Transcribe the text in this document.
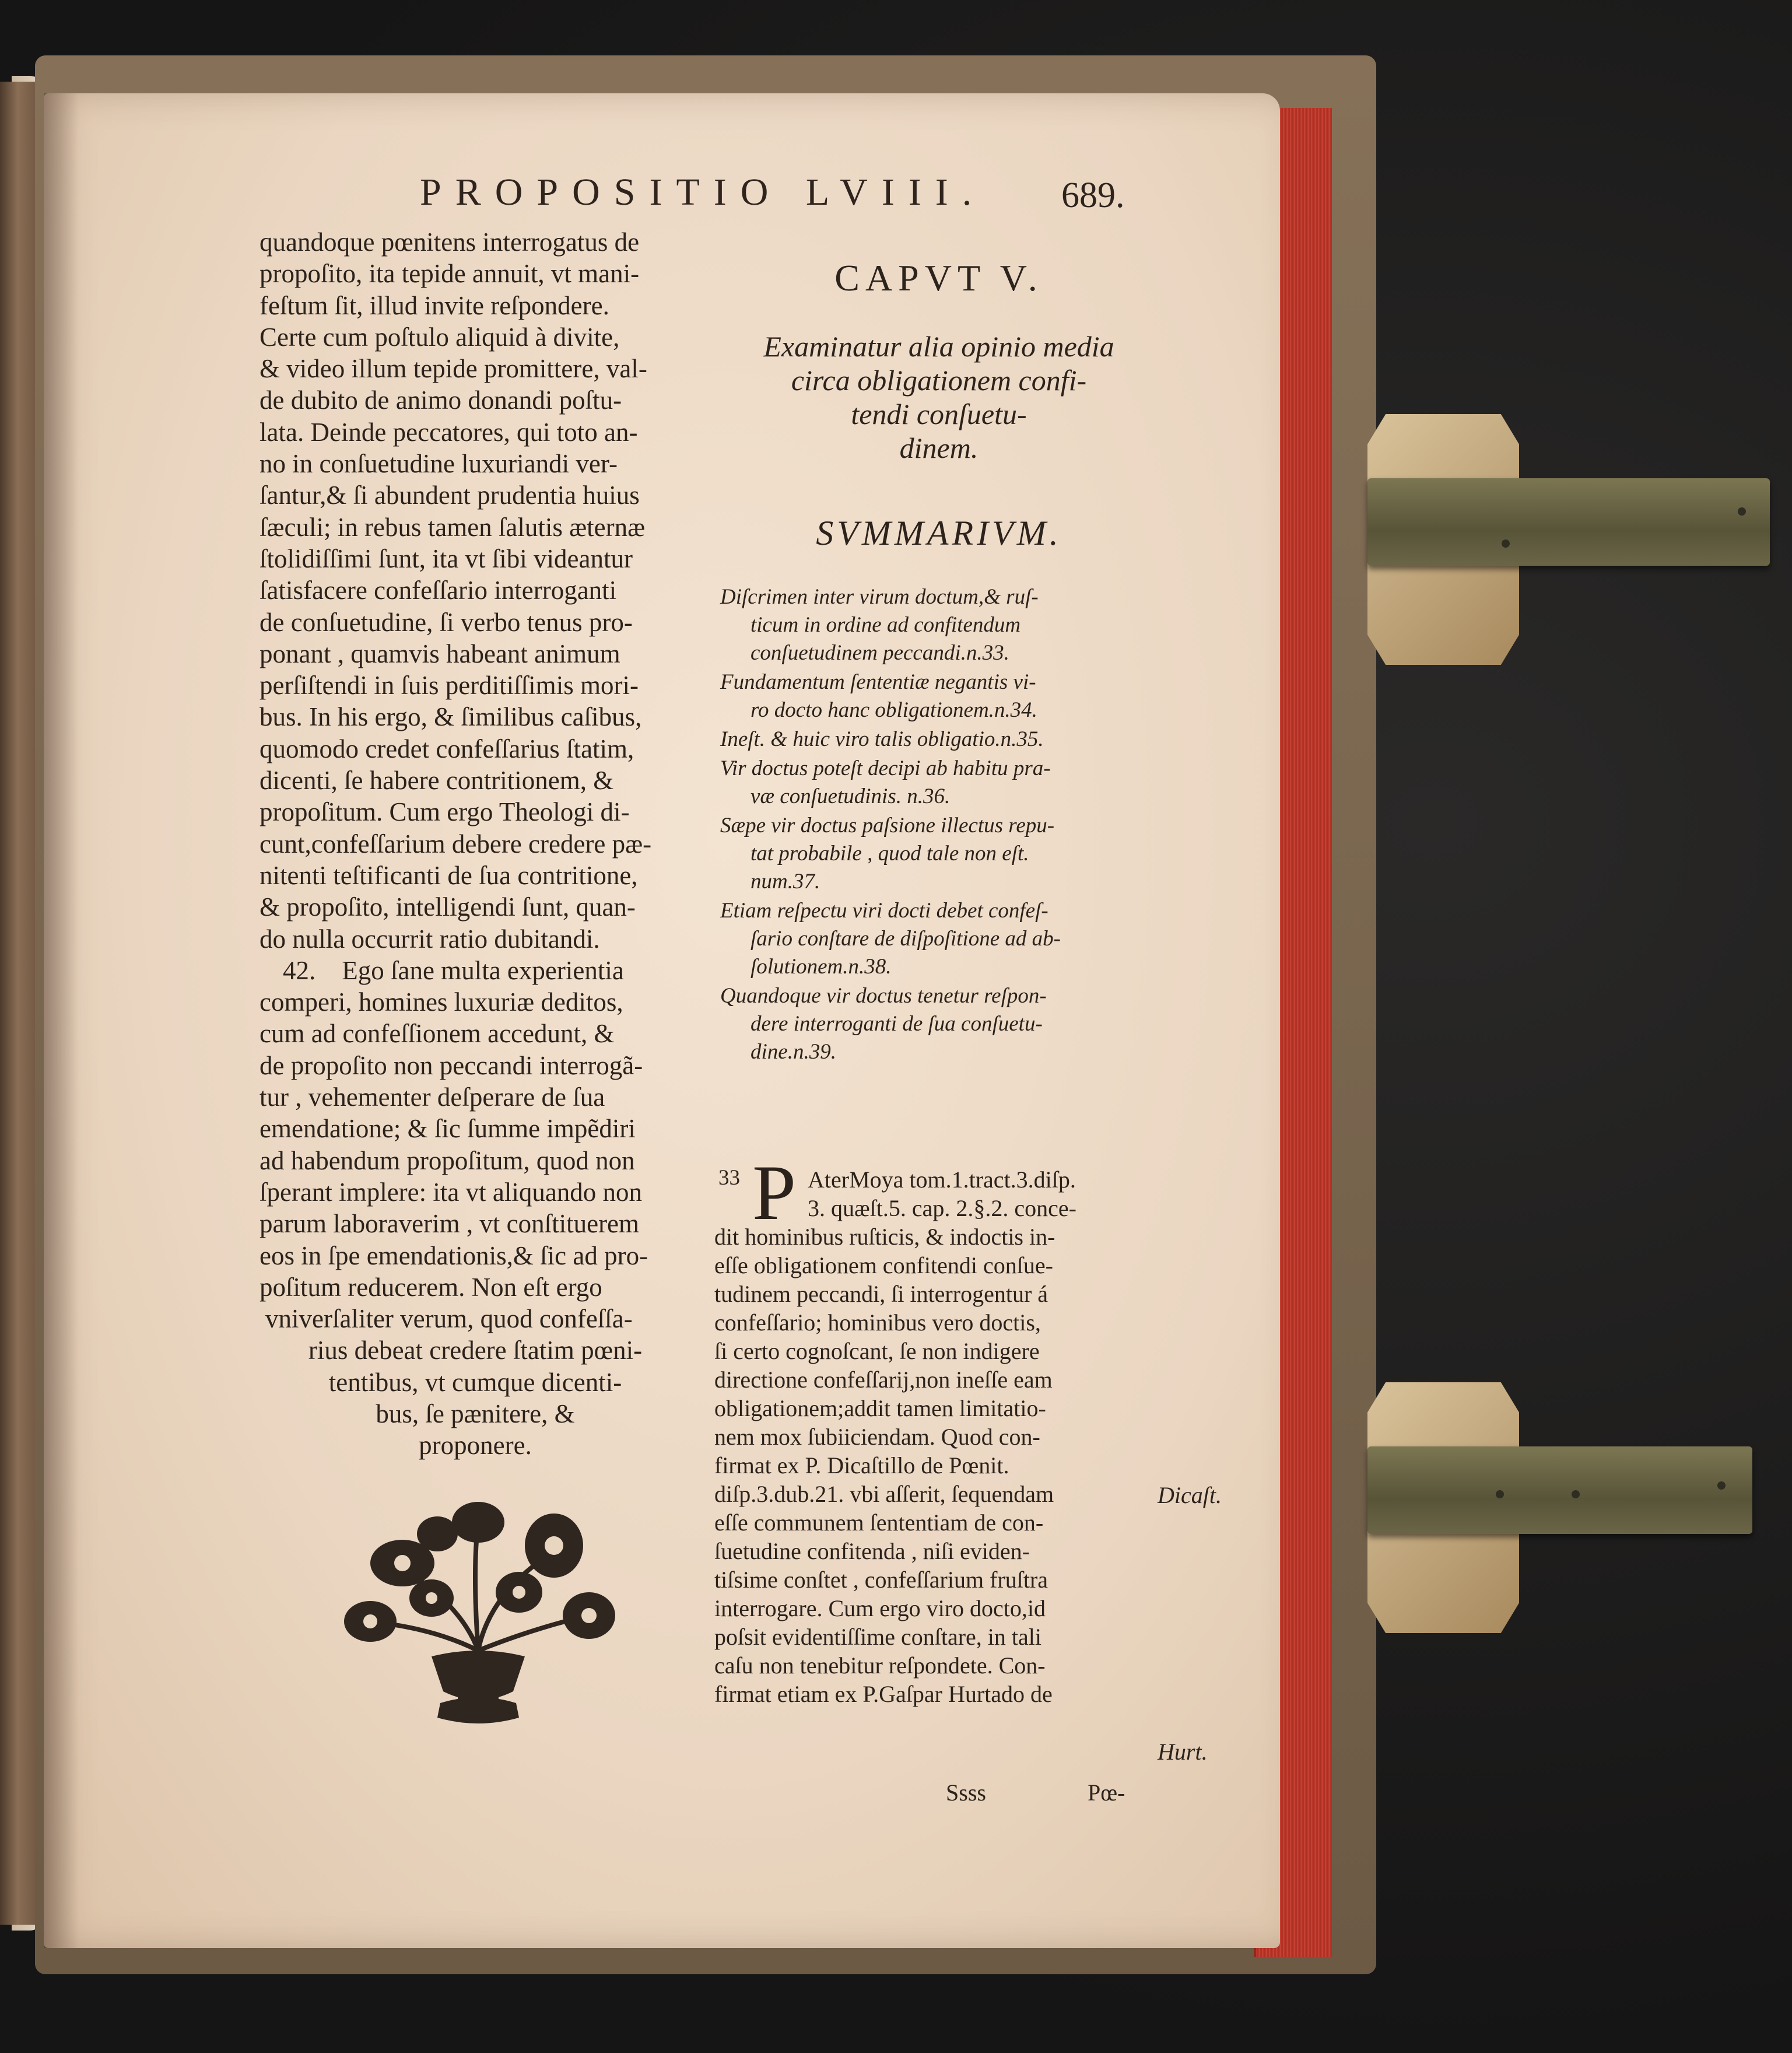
PROPOSITIO LVIII.	689.
quandoque pœnitens interrogatus de
propoſito, ita tepide annuit, vt mani-
feſtum ſit, illud invite reſpondere.
Certe cum poſtulo aliquid à divite,
& video illum tepide promittere, val-
de dubito de animo donandi poſtu-
lata. Deinde peccatores, qui toto an-
no in conſuetudine luxuriandi ver-
ſantur,& ſi abundent prudentia huius
ſæculi; in rebus tamen ſalutis æternæ
ſtolidiſſimi ſunt, ita vt ſibi videantur
ſatisfacere confeſſario interroganti
de conſuetudine, ſi verbo tenus pro-
ponant , quamvis habeant animum
perſiſtendi in ſuis perditiſſimis mori-
bus. In his ergo, & ſimilibus caſibus,
quomodo credet confeſſarius ſtatim,
dicenti, ſe habere contritionem, &
propoſitum. Cum ergo Theologi di-
cunt,confeſſarium debere credere pæ-
nitenti teſtificanti de ſua contritione,
& propoſito, intelligendi ſunt, quan-
do nulla occurrit ratio dubitandi.
42.    Ego ſane multa experientia
comperi, homines luxuriæ deditos,
cum ad confeſſionem accedunt, &
de propoſito non peccandi interrogã-
tur , vehementer deſperare de ſua
emendatione; & ſic ſumme impẽdiri
ad habendum propoſitum, quod non
ſperant implere: ita vt aliquando non
parum laboraverim , vt conſtituerem
eos in ſpe emendationis,& ſic ad pro-
poſitum reducerem. Non eſt ergo
vniverſaliter verum, quod confeſſa-
rius debeat credere ſtatim pœni-
tentibus, vt cumque dicenti-
bus, ſe pænitere, &
proponere.
CAPVT V.
Examinatur alia opinio media
circa obligationem confi-
tendi conſuetu-
dinem.
SVMMARIVM.
Diſcrimen inter virum doctum,& ruſ-
ticum in ordine ad confitendum
conſuetudinem peccandi.n.33.
Fundamentum ſententiæ negantis vi-
ro docto hanc obligationem.n.34.
Ineſt. & huic viro talis obligatio.n.35.
Vir doctus poteſt decipi ab habitu pra-
væ conſuetudinis. n.36.
Sæpe vir doctus paſsione illectus repu-
tat probabile , quod tale non eſt.
num.37.
Etiam reſpectu viri docti debet confeſ-
ſario conſtare de diſpoſitione ad ab-
ſolutionem.n.38.
Quandoque vir doctus tenetur reſpon-
dere interroganti de ſua conſuetu-
dine.n.39.
33 P AterMoya tom.1.tract.3.diſp.
3. quæſt.5. cap. 2.§.2. conce-
dit hominibus ruſticis, & indoctis in-
eſſe obligationem confitendi conſue-
tudinem peccandi, ſi interrogentur á
confeſſario; hominibus vero doctis,
ſi certo cognoſcant, ſe non indigere
directione confeſſarij,non ineſſe eam
obligationem;addit tamen limitatio-
nem mox ſubiiciendam. Quod con-
firmat ex P. Dicaſtillo de Pœnit.
diſp.3.dub.21. vbi aſſerit, ſequendam
eſſe communem ſententiam de con-
ſuetudine confitenda , niſi eviden-
tiſsime conſtet , confeſſarium fruſtra
interrogare. Cum ergo viro docto,id
poſsit evidentiſſime conſtare, in tali
caſu non tenebitur reſpondete. Con-
firmat etiam ex P.Gaſpar Hurtado de
Dicaſt.
Hurt.
Ssss	Pœ-
